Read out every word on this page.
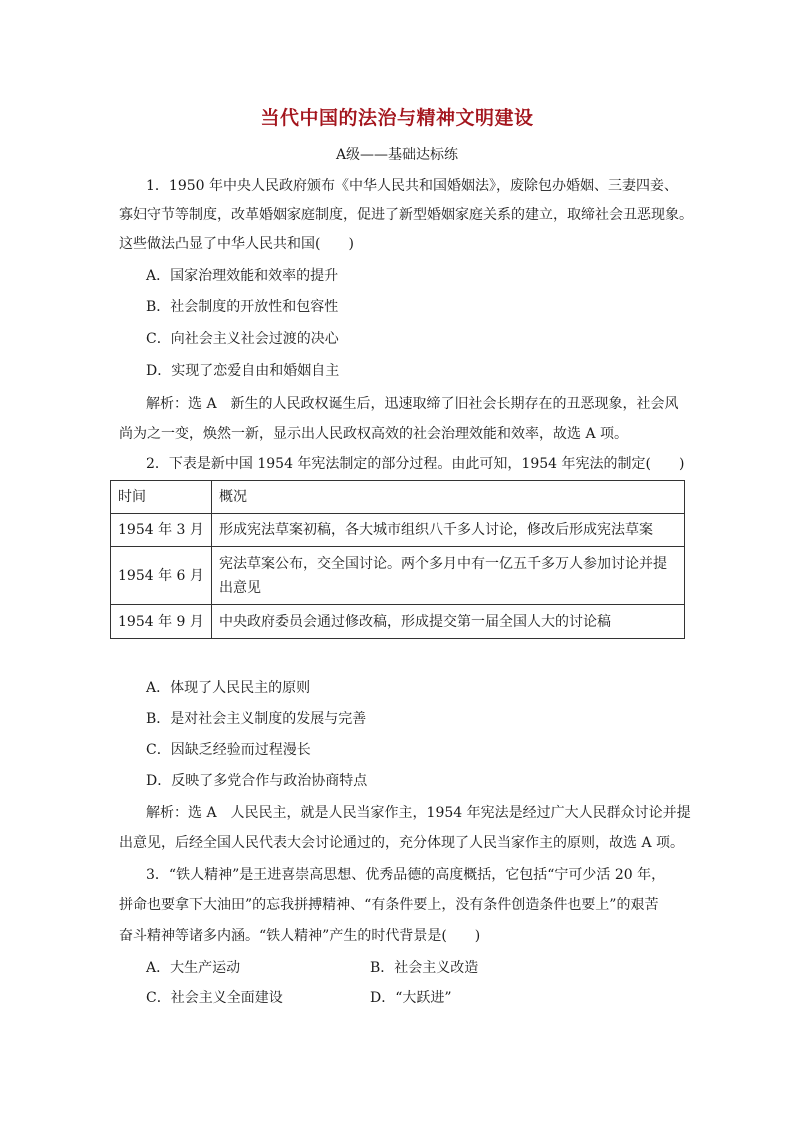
当代中国的法治与精神文明建设
A级——基础达标练
1．1950 年中央人民政府颁布《中华人民共和国婚姻法》，废除包办婚姻、三妻四妾、
寡妇守节等制度，改革婚姻家庭制度，促进了新型婚姻家庭关系的建立，取缔社会丑恶现象。
这些做法凸显了中华人民共和国(　　)
A．国家治理效能和效率的提升
B．社会制度的开放性和包容性
C．向社会主义社会过渡的决心
D．实现了恋爱自由和婚姻自主
解析：选 A　新生的人民政权诞生后，迅速取缔了旧社会长期存在的丑恶现象，社会风
尚为之一变，焕然一新，显示出人民政权高效的社会治理效能和效率，故选 A 项。
2．下表是新中国 1954 年宪法制定的部分过程。由此可知，1954 年宪法的制定(　　)
时间	概况
1954 年 3 月	形成宪法草案初稿，各大城市组织八千多人讨论，修改后形成宪法草案
1954 年 6 月	宪法草案公布，交全国讨论。两个多月中有一亿五千多万人参加讨论并提出意见
1954 年 9 月	中央政府委员会通过修改稿，形成提交第一届全国人大的讨论稿
A．体现了人民民主的原则
B．是对社会主义制度的发展与完善
C．因缺乏经验而过程漫长
D．反映了多党合作与政治协商特点
解析：选 A　人民民主，就是人民当家作主，1954 年宪法是经过广大人民群众讨论并提
出意见，后经全国人民代表大会讨论通过的，充分体现了人民当家作主的原则，故选 A 项。
3．“铁人精神”是王进喜崇高思想、优秀品德的高度概括，它包括“宁可少活 20 年，
拼命也要拿下大油田”的忘我拼搏精神、“有条件要上，没有条件创造条件也要上”的艰苦
奋斗精神等诸多内涵。“铁人精神”产生的时代背景是(　　)
A．大生产运动	B．社会主义改造
C．社会主义全面建设	D．“大跃进”
